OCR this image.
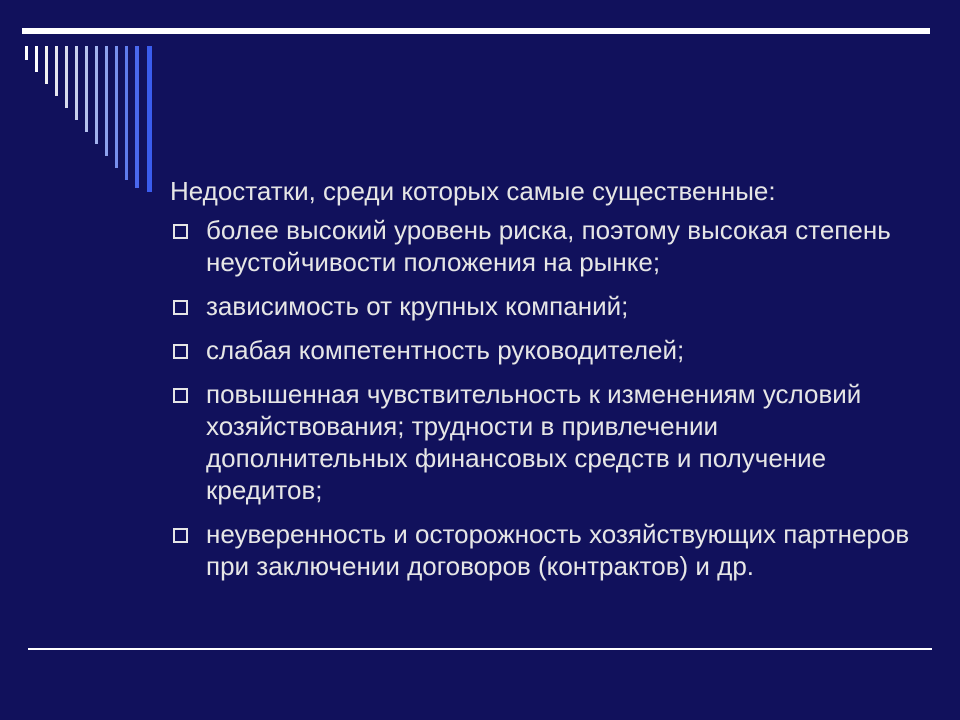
Недостатки, среди которых самые существенные:
более высокий уровень риска, поэтому высокая степень неустойчивости положения на рынке;
зависимость от крупных компаний;
слабая компетентность руководителей;
повышенная чувствительность к изменениям условий хозяйствования; трудности в привлечении дополнительных финансовых средств и получение кредитов;
неуверенность и осторожность хозяйствующих партнеров при заключении договоров (контрактов) и др.
